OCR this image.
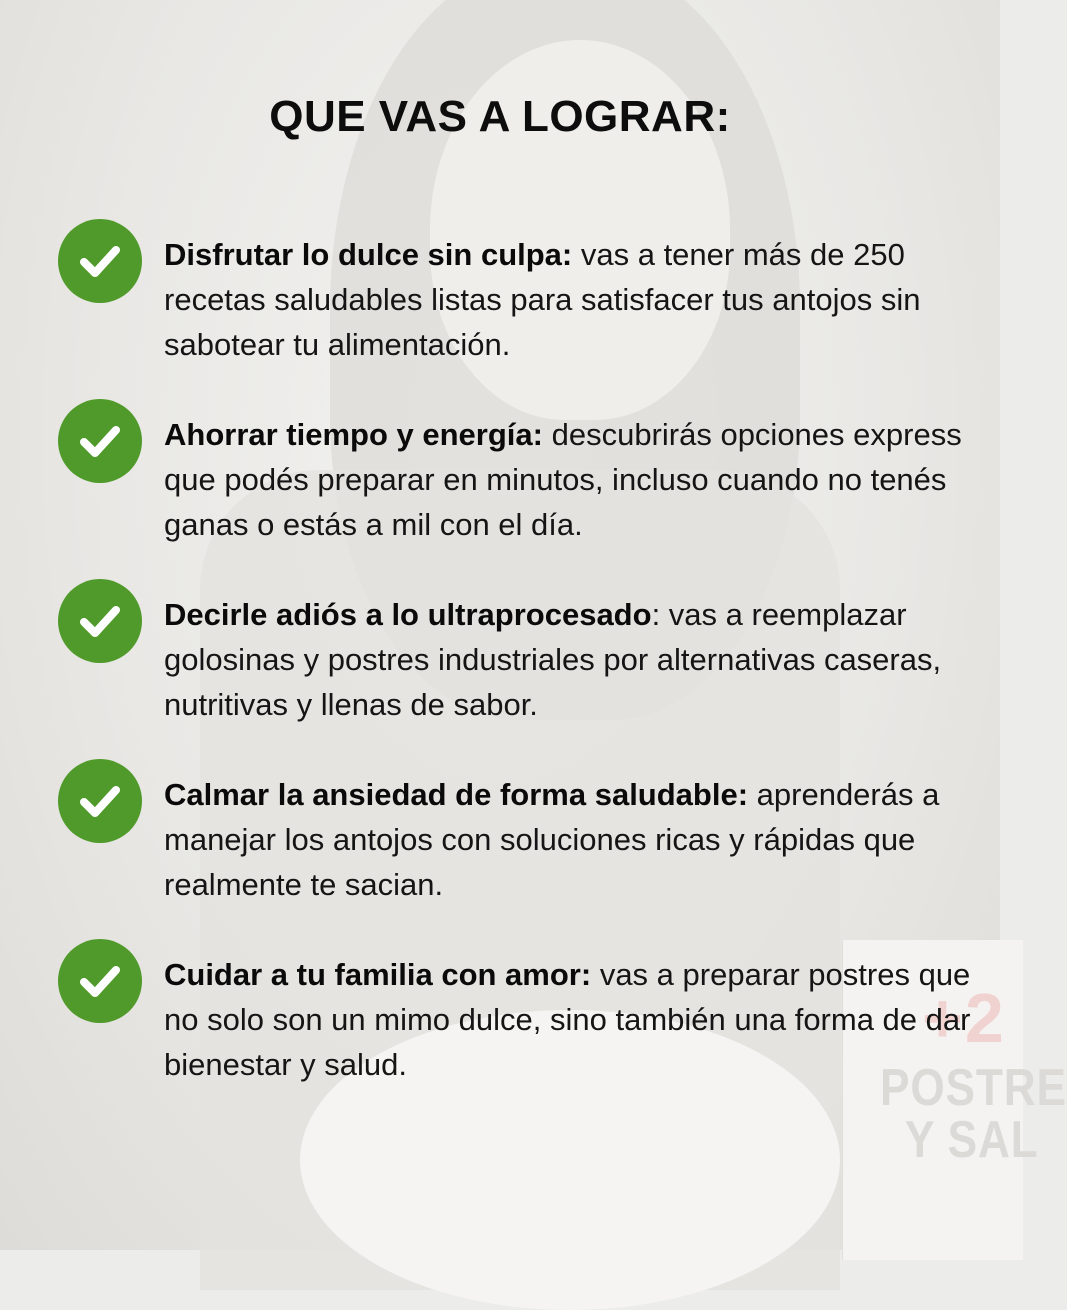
+2
POSTRE
Y SAL
QUE VAS A LOGRAR:
Disfrutar lo dulce sin culpa: vas a tener más de 250 recetas saludables listas para satisfacer tus antojos sin sabotear tu alimentación.
Ahorrar tiempo y energía: descubrirás opciones express que podés preparar en minutos, incluso cuando no tenés ganas o estás a mil con el día.
Decirle adiós a lo ultraprocesado: vas a reemplazar golosinas y postres industriales por alternativas caseras, nutritivas y llenas de sabor.
Calmar la ansiedad de forma saludable: aprenderás a manejar los antojos con soluciones ricas y rápidas que realmente te sacian.
Cuidar a tu familia con amor: vas a preparar postres que no solo son un mimo dulce, sino también una forma de dar bienestar y salud.
